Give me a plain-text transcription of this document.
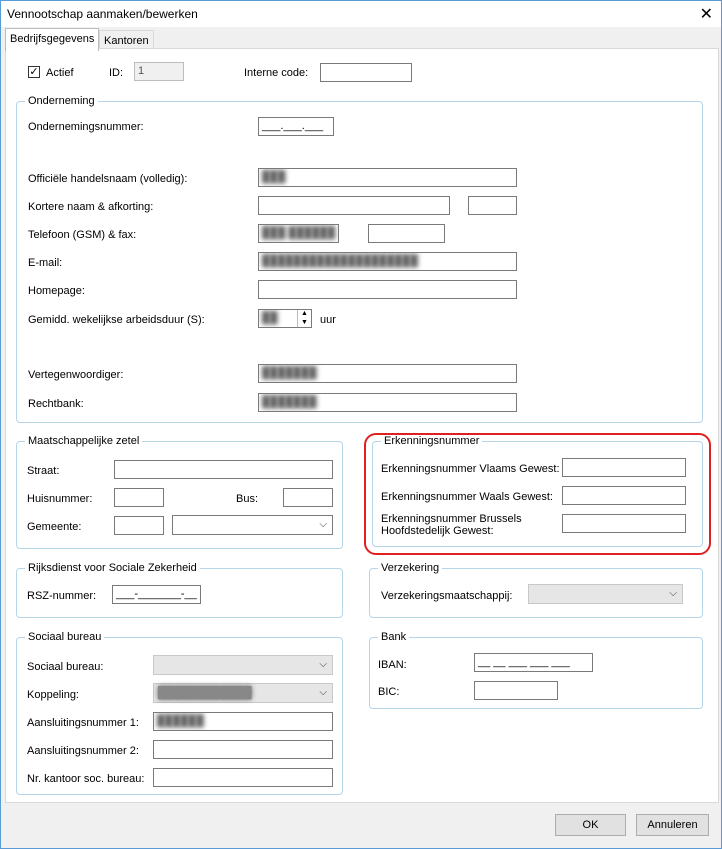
Vennootschap aanmaken/bewerken	✕
Bedrijfsgegevens Kantoren
✓ Actief	ID:	1	Interne code:
Onderneming
Ondernemingsnummer:	___.___.___
Officiële handelsnaam (volledig):	███
Kortere naam & afkorting:
Telefoon (GSM) & fax:	███ ██████
E-mail:	████████████████████
Homepage:
Gemidd. wekelijkse arbeidsduur (S):	██	▲
▼ uur
Vertegenwoordiger:	███████
Rechtbank:	███████
Maatschappelijke zetel
Straat:
Huisnummer:	Bus:
Gemeente:	⌵
Erkenningsnummer
Erkenningsnummer Vlaams Gewest:
Erkenningsnummer Waals Gewest:
Erkenningsnummer Brussels
Hoofdstedelijk Gewest:
Rijksdienst voor Sociale Zekerheid
RSZ-nummer:	___-_______-__
Verzekering
Verzekeringsmaatschappij:	⌵
Sociaal bureau
Sociaal bureau:	⌵
Koppeling:	████████████	⌵
Aansluitingsnummer 1:	██████
Aansluitingsnummer 2:
Nr. kantoor soc. bureau:
Bank
IBAN:	__ __ ___ ___ ___
BIC:
OK	Annuleren
